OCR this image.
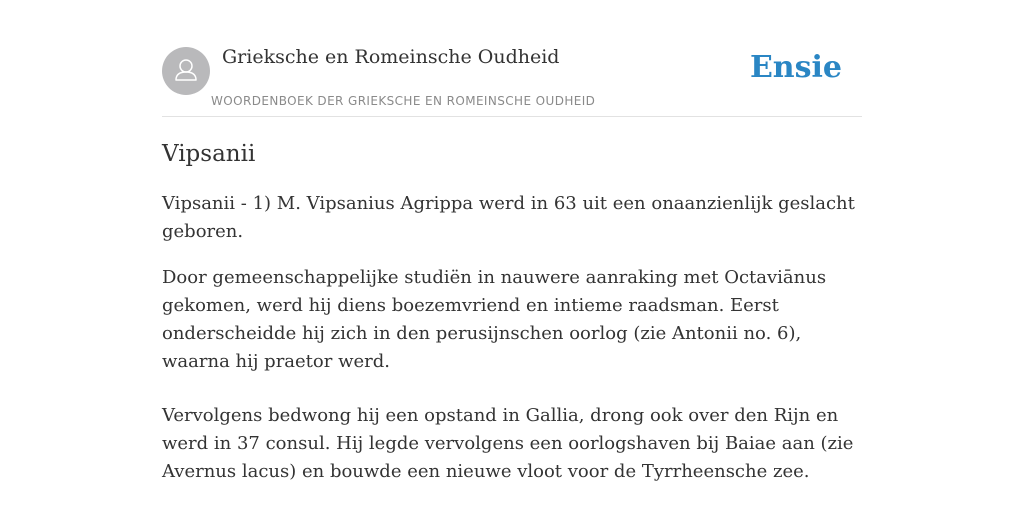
Grieksche en Romeinsche Oudheid
WOORDENBOEK DER GRIEKSCHE EN ROMEINSCHE OUDHEID
Ensie
Vipsanii

Vipsanii - 1) M. Vipsanius Agrippa werd in 63 uit een onaanzienlijk geslacht geboren.

Door gemeenschappelijke studiën in nauwere aanraking met Octaviānus gekomen, werd hij diens boezemvriend en intieme raadsman. Eerst onderscheidde hij zich in den perusijnschen oorlog (zie Antonii no. 6), waarna hij praetor werd.

Vervolgens bedwong hij een opstand in Gallia, drong ook over den Rijn en werd in 37 consul. Hij legde vervolgens een oorlogshaven bij Baiae aan (zie Avernus lacus) en bouwde een nieuwe vloot voor de Tyrrheensche zee.
